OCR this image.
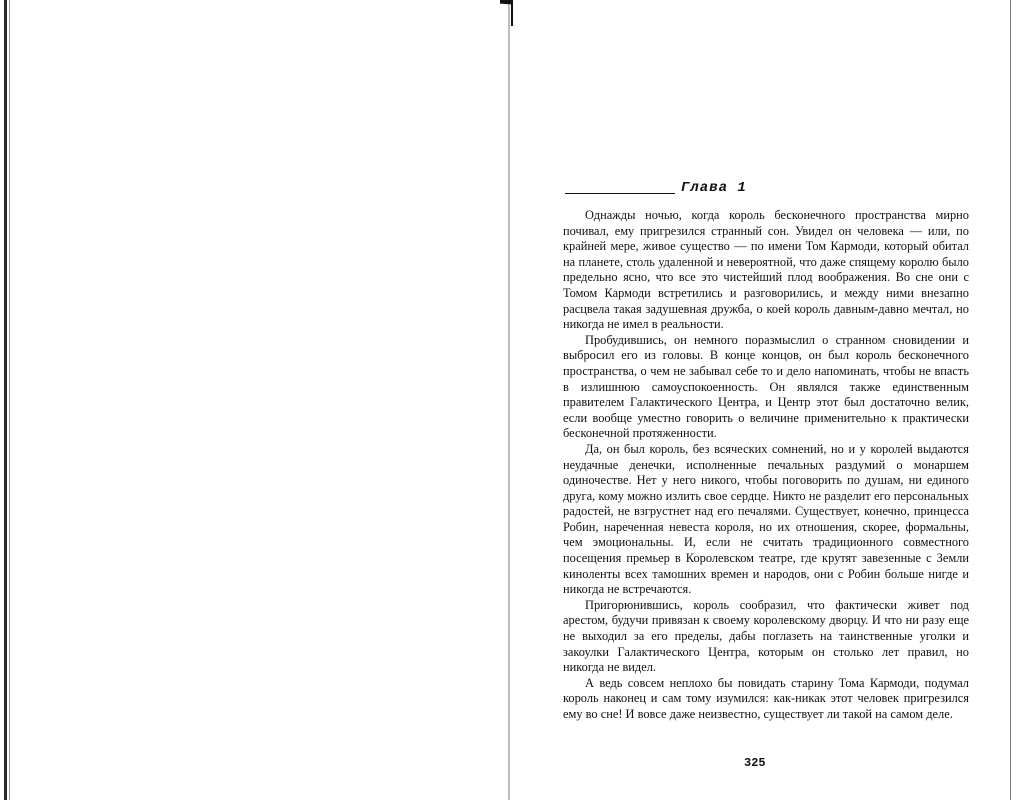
Глава 1

Однажды ночью, когда король бесконечного пространства мирно почивал, ему пригрезился странный сон. Увидел он человека — или, по крайней мере, живое существо — по имени Том Кармоди, который обитал на планете, столь удаленной и невероятной, что даже спящему королю было предельно ясно, что все это чистейший плод воображения. Во сне они с Томом Кармоди встретились и разговорились, и между ними внезапно расцвела такая задушевная дружба, о коей король давным-давно мечтал, но никогда не имел в реальности.

Пробудившись, он немного поразмыслил о странном сновидении и выбросил его из головы. В конце концов, он был король бесконечного пространства, о чем не забывал себе то и дело напоминать, чтобы не впасть в излишнюю самоуспокоенность. Он являлся также единственным правителем Галактического Центра, и Центр этот был достаточно велик, если вообще уместно говорить о величине применительно к практически бесконечной протяженности.

Да, он был король, без всяческих сомнений, но и у королей выдаются неудачные денечки, исполненные печальных раздумий о монаршем одиночестве. Нет у него никого, чтобы поговорить по душам, ни единого друга, кому можно излить свое сердце. Никто не разделит его персональных радостей, не взгрустнет над его печалями. Существует, конечно, принцесса Робин, нареченная невеста короля, но их отношения, скорее, формальны, чем эмоциональны. И, если не считать традиционного совместного посещения премьер в Королевском театре, где крутят завезенные с Земли киноленты всех тамошних времен и народов, они с Робин больше нигде и никогда не встречаются.

Пригорюнившись, король сообразил, что фактически живет под арестом, будучи привязан к своему королевскому дворцу. И что ни разу еще не выходил за его пределы, дабы поглазеть на таинственные уголки и закоулки Галактического Центра, которым он столько лет правил, но никогда не видел.

А ведь совсем неплохо бы повидать старину Тома Кармоди, подумал король наконец и сам тому изумился: как-никак этот человек пригрезился ему во сне! И вовсе даже неизвестно, существует ли такой на самом деле.

325
